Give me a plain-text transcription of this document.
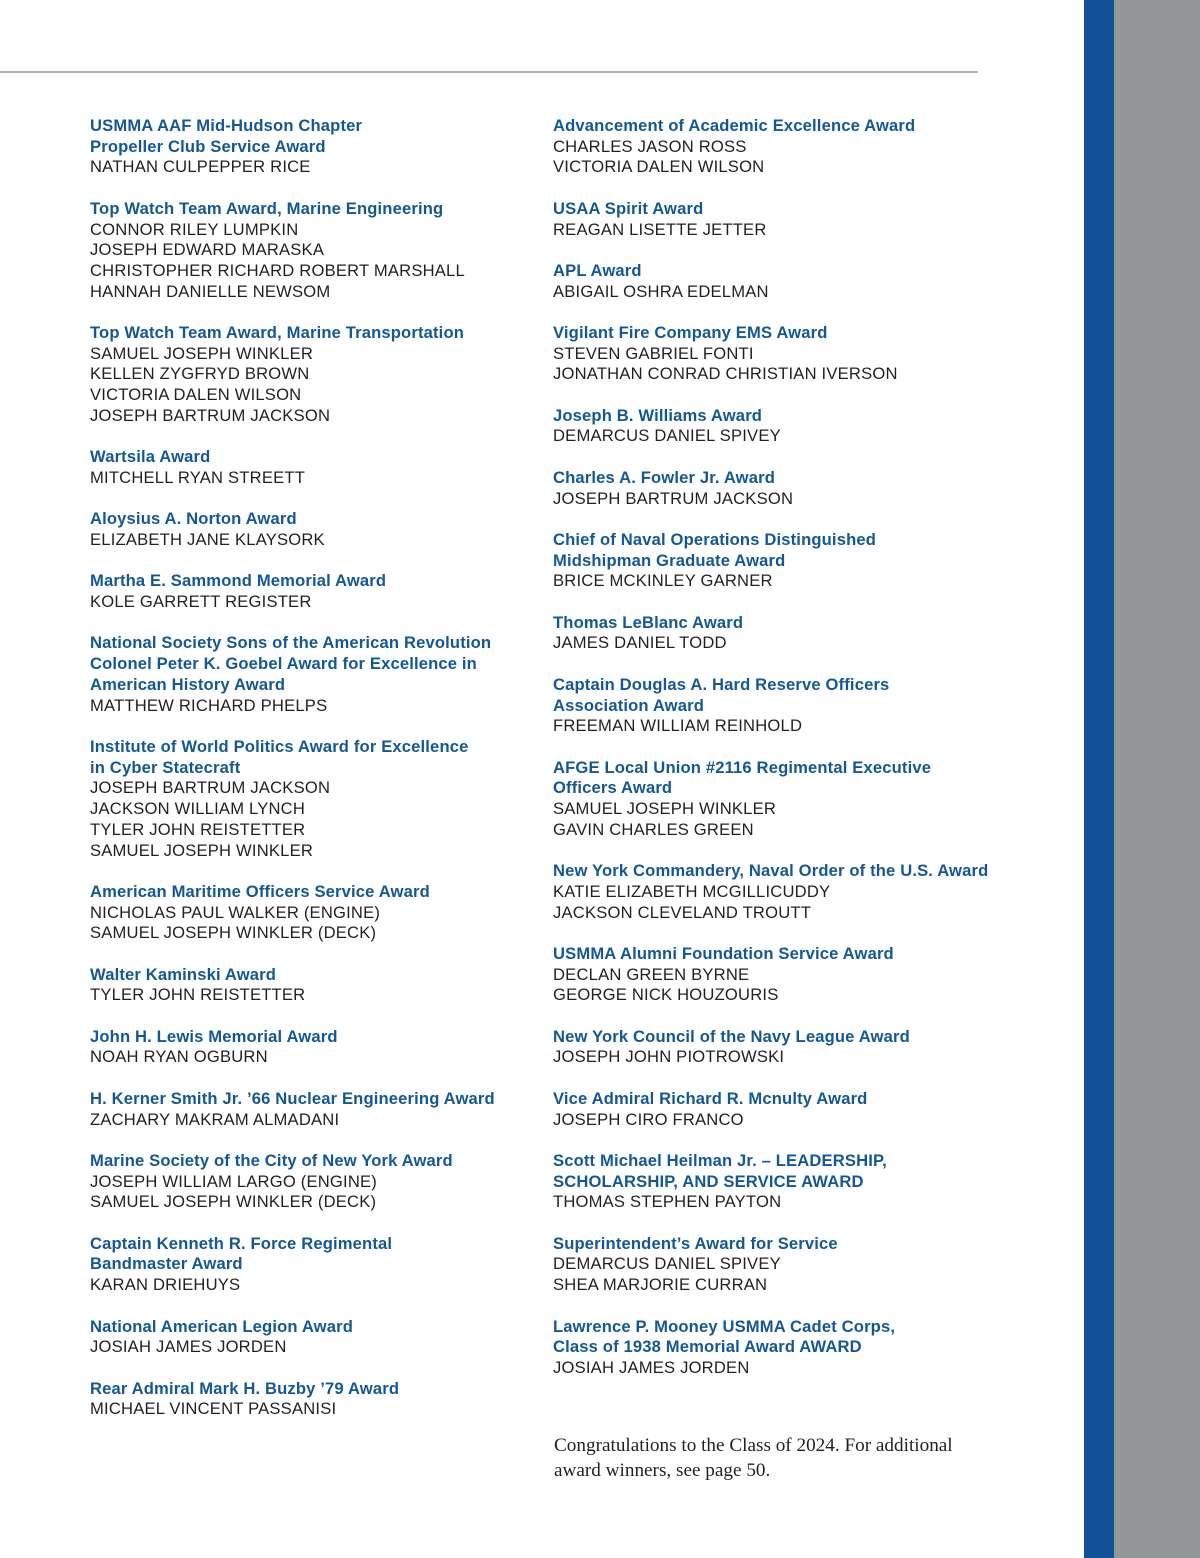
USMMA AAF Mid-Hudson Chapter
Propeller Club Service Award
NATHAN CULPEPPER RICE
Top Watch Team Award, Marine Engineering
CONNOR RILEY LUMPKIN
JOSEPH EDWARD MARASKA
CHRISTOPHER RICHARD ROBERT MARSHALL
HANNAH DANIELLE NEWSOM
Top Watch Team Award, Marine Transportation
SAMUEL JOSEPH WINKLER
KELLEN ZYGFRYD BROWN
VICTORIA DALEN WILSON
JOSEPH BARTRUM JACKSON
Wartsila Award
MITCHELL RYAN STREETT
Aloysius A. Norton Award
ELIZABETH JANE KLAYSORK
Martha E. Sammond Memorial Award
KOLE GARRETT REGISTER
National Society Sons of the American Revolution
Colonel Peter K. Goebel Award for Excellence in
American History Award
MATTHEW RICHARD PHELPS
Institute of World Politics Award for Excellence
in Cyber Statecraft
JOSEPH BARTRUM JACKSON
JACKSON WILLIAM LYNCH
TYLER JOHN REISTETTER
SAMUEL JOSEPH WINKLER
American Maritime Officers Service Award
NICHOLAS PAUL WALKER (ENGINE)
SAMUEL JOSEPH WINKLER (DECK)
Walter Kaminski Award
TYLER JOHN REISTETTER
John H. Lewis Memorial Award
NOAH RYAN OGBURN
H. Kerner Smith Jr. ’66 Nuclear Engineering Award
ZACHARY MAKRAM ALMADANI
Marine Society of the City of New York Award
JOSEPH WILLIAM LARGO (ENGINE)
SAMUEL JOSEPH WINKLER (DECK)
Captain Kenneth R. Force Regimental
Bandmaster Award
KARAN DRIEHUYS
National American Legion Award
JOSIAH JAMES JORDEN
Rear Admiral Mark H. Buzby ’79 Award
MICHAEL VINCENT PASSANISI
Advancement of Academic Excellence Award
CHARLES JASON ROSS
VICTORIA DALEN WILSON
USAA Spirit Award
REAGAN LISETTE JETTER
APL Award
ABIGAIL OSHRA EDELMAN
Vigilant Fire Company EMS Award
STEVEN GABRIEL FONTI
JONATHAN CONRAD CHRISTIAN IVERSON
Joseph B. Williams Award
DEMARCUS DANIEL SPIVEY
Charles A. Fowler Jr. Award
JOSEPH BARTRUM JACKSON
Chief of Naval Operations Distinguished
Midshipman Graduate Award
BRICE MCKINLEY GARNER
Thomas LeBlanc Award
JAMES DANIEL TODD
Captain Douglas A. Hard Reserve Officers
Association Award
FREEMAN WILLIAM REINHOLD
AFGE Local Union #2116 Regimental Executive
Officers Award
SAMUEL JOSEPH WINKLER
GAVIN CHARLES GREEN
New York Commandery, Naval Order of the U.S. Award
KATIE ELIZABETH MCGILLICUDDY
JACKSON CLEVELAND TROUTT
USMMA Alumni Foundation Service Award
DECLAN GREEN BYRNE
GEORGE NICK HOUZOURIS
New York Council of the Navy League Award
JOSEPH JOHN PIOTROWSKI
Vice Admiral Richard R. Mcnulty Award
JOSEPH CIRO FRANCO
Scott Michael Heilman Jr. – LEADERSHIP,
SCHOLARSHIP, AND SERVICE AWARD
THOMAS STEPHEN PAYTON
Superintendent’s Award for Service
DEMARCUS DANIEL SPIVEY
SHEA MARJORIE CURRAN
Lawrence P. Mooney USMMA Cadet Corps,
Class of 1938 Memorial Award AWARD
JOSIAH JAMES JORDEN
Congratulations to the Class of 2024. For additional
award winners, see page 50.
